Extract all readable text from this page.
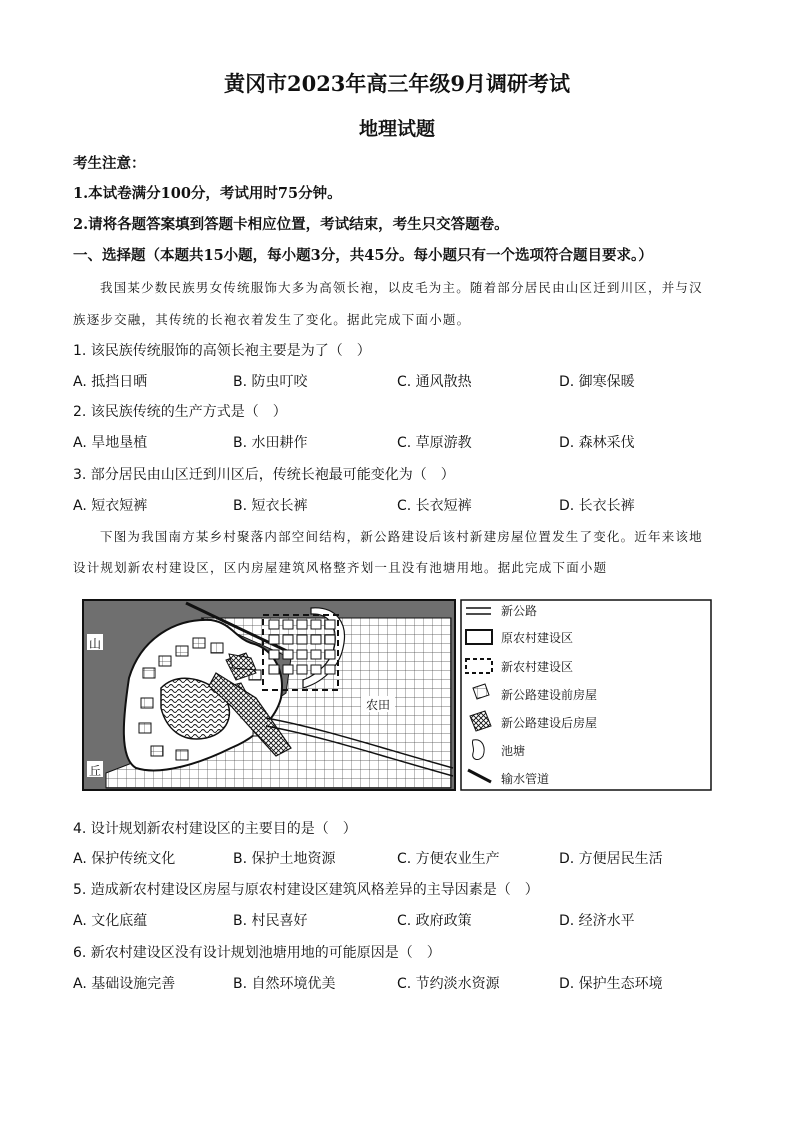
黄冈市2023年高三年级9月调研考试
地理试题
考生注意：
1.本试卷满分100分，考试用时75分钟。
2.请将各题答案填到答题卡相应位置，考试结束，考生只交答题卷。
一、选择题（本题共15小题，每小题3分，共45分。每小题只有一个选项符合题目要求。）
我国某少数民族男女传统服饰大多为高领长袍，以皮毛为主。随着部分居民由山区迁到川区，并与汉
族逐步交融，其传统的长袍衣着发生了变化。据此完成下面小题。
1. 该民族传统服饰的高领长袍主要是为了（　）
A. 抵挡日晒	B. 防虫叮咬	C. 通风散热	D. 御寒保暖
2. 该民族传统的生产方式是（　）
A. 旱地垦植	B. 水田耕作	C. 草原游教	D. 森林采伐
3. 部分居民由山区迁到川区后，传统长袍最可能变化为（　）
A. 短衣短裤	B. 短衣长裤	C. 长衣短裤	D. 长衣长裤
下图为我国南方某乡村聚落内部空间结构，新公路建设后该村新建房屋位置发生了变化。近年来该地
设计规划新农村建设区，区内房屋建筑风格整齐划一且没有池塘用地。据此完成下面小题
山
丘
农田
新公路
原农村建设区
新农村建设区
新公路建设前房屋
新公路建设后房屋
池塘
输水管道
4. 设计规划新农村建设区的主要目的是（　）
A. 保护传统文化	B. 保护土地资源	C. 方便农业生产	D. 方便居民生活
5. 造成新农村建设区房屋与原农村建设区建筑风格差异的主导因素是（　）
A. 文化底蕴	B. 村民喜好	C. 政府政策	D. 经济水平
6. 新农村建设区没有设计规划池塘用地的可能原因是（　）
A. 基础设施完善	B. 自然环境优美	C. 节约淡水资源	D. 保护生态环境
